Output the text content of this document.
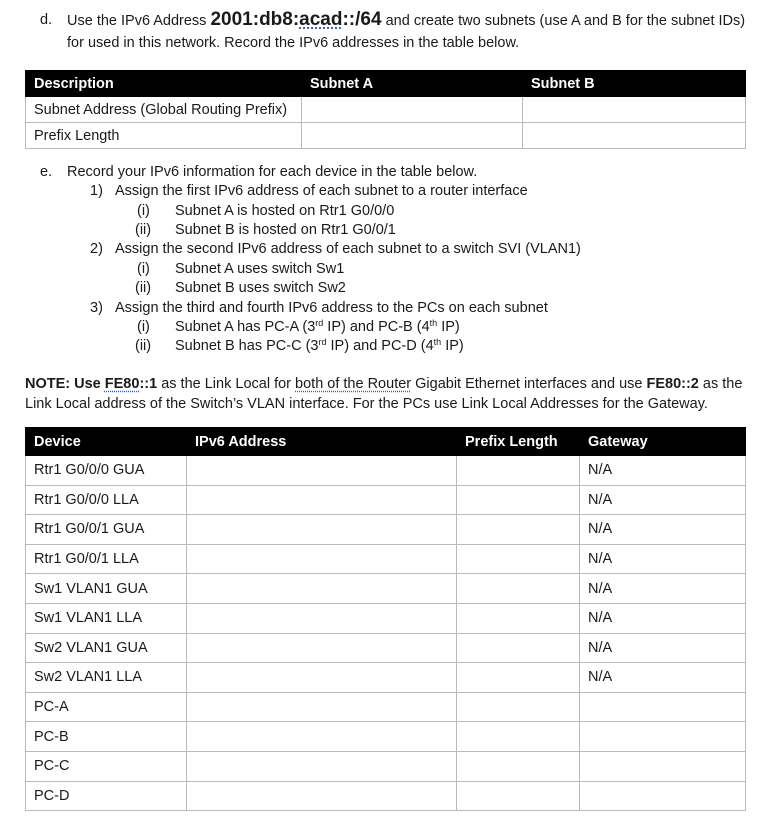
d. Use the IPv6 Address 2001:db8:acad::/64 and create two subnets (use A and B for the subnet IDs) for used in this network. Record the IPv6 addresses in the table below.
Description	Subnet A	Subnet B
Subnet Address (Global Routing Prefix)		
Prefix Length		
e. Record your IPv6 information for each device in the table below.
1) Assign the first IPv6 address of each subnet to a router interface
(i) Subnet A is hosted on Rtr1 G0/0/0
(ii) Subnet B is hosted on Rtr1 G0/0/1
2) Assign the second IPv6 address of each subnet to a switch SVI (VLAN1)
(i) Subnet A uses switch Sw1
(ii) Subnet B uses switch Sw2
3) Assign the third and fourth IPv6 address to the PCs on each subnet
(i) Subnet A has PC-A (3rd IP) and PC-B (4th IP)
(ii) Subnet B has PC-C (3rd IP) and PC-D (4th IP)
NOTE: Use FE80::1 as the Link Local for both of the Router Gigabit Ethernet interfaces and use FE80::2 as the Link Local address of the Switch’s VLAN interface. For the PCs use Link Local Addresses for the Gateway.
Device	IPv6 Address	Prefix Length	Gateway
Rtr1 G0/0/0 GUA			N/A
Rtr1 G0/0/0 LLA			N/A
Rtr1 G0/0/1 GUA			N/A
Rtr1 G0/0/1 LLA			N/A
Sw1 VLAN1 GUA			N/A
Sw1 VLAN1 LLA			N/A
Sw2 VLAN1 GUA			N/A
Sw2 VLAN1 LLA			N/A
PC-A			
PC-B			
PC-C			
PC-D			
